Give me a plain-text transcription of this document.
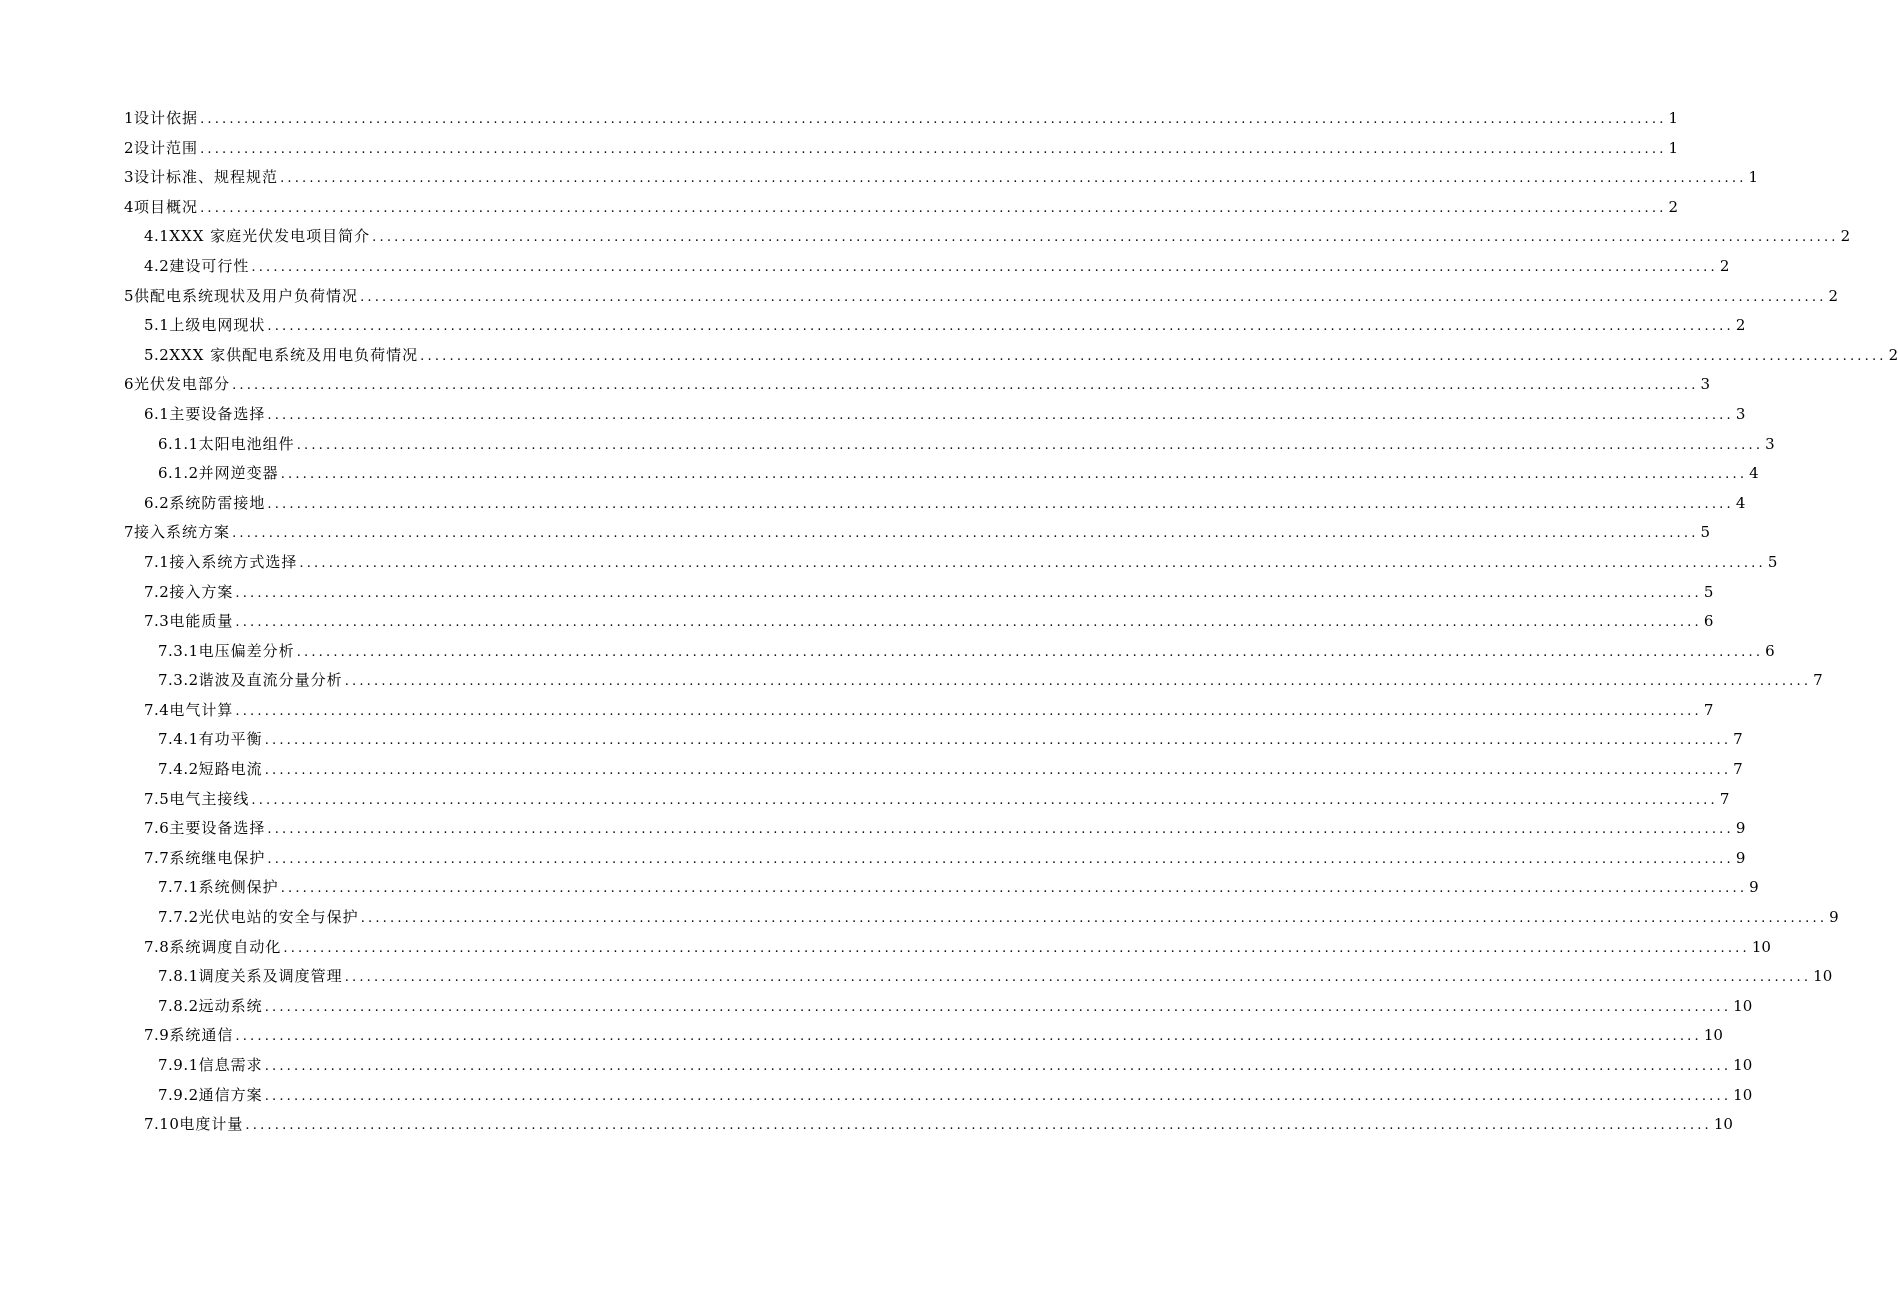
1 设计依据 ........................................................................................................................................................................................................ 1
2 设计范围 ........................................................................................................................................................................................................ 1
3 设计标准、规程规范 ........................................................................................................................................................................................................ 1
4 项目概况 ........................................................................................................................................................................................................ 2
4.1 XXX 家庭光伏发电项目简介 ........................................................................................................................................................................................................ 2
4.2 建设可行性 ........................................................................................................................................................................................................ 2
5 供配电系统现状及用户负荷情况 ........................................................................................................................................................................................................ 2
5.1 上级电网现状 ........................................................................................................................................................................................................ 2
5.2 XXX 家供配电系统及用电负荷情况 ........................................................................................................................................................................................................ 2
6 光伏发电部分 ........................................................................................................................................................................................................ 3
6.1 主要设备选择 ........................................................................................................................................................................................................ 3
6.1.1 太阳电池组件 ........................................................................................................................................................................................................ 3
6.1.2 并网逆变器 ........................................................................................................................................................................................................ 4
6.2 系统防雷接地 ........................................................................................................................................................................................................ 4
7 接入系统方案 ........................................................................................................................................................................................................ 5
7.1 接入系统方式选择 ........................................................................................................................................................................................................ 5
7.2 接入方案 ........................................................................................................................................................................................................ 5
7.3 电能质量 ........................................................................................................................................................................................................ 6
7.3.1 电压偏差分析 ........................................................................................................................................................................................................ 6
7.3.2 谐波及直流分量分析 ........................................................................................................................................................................................................ 7
7.4 电气计算 ........................................................................................................................................................................................................ 7
7.4.1 有功平衡 ........................................................................................................................................................................................................ 7
7.4.2 短路电流 ........................................................................................................................................................................................................ 7
7.5 电气主接线 ........................................................................................................................................................................................................ 7
7.6 主要设备选择 ........................................................................................................................................................................................................ 9
7.7 系统继电保护 ........................................................................................................................................................................................................ 9
7.7.1 系统侧保护 ........................................................................................................................................................................................................ 9
7.7.2 光伏电站的安全与保护 ........................................................................................................................................................................................................ 9
7.8 系统调度自动化 ........................................................................................................................................................................................................ 10
7.8.1 调度关系及调度管理 ........................................................................................................................................................................................................ 10
7.8.2 远动系统 ........................................................................................................................................................................................................ 10
7.9 系统通信 ........................................................................................................................................................................................................ 10
7.9.1 信息需求 ........................................................................................................................................................................................................ 10
7.9.2 通信方案 ........................................................................................................................................................................................................ 10
7.10 电度计量 ........................................................................................................................................................................................................ 10
